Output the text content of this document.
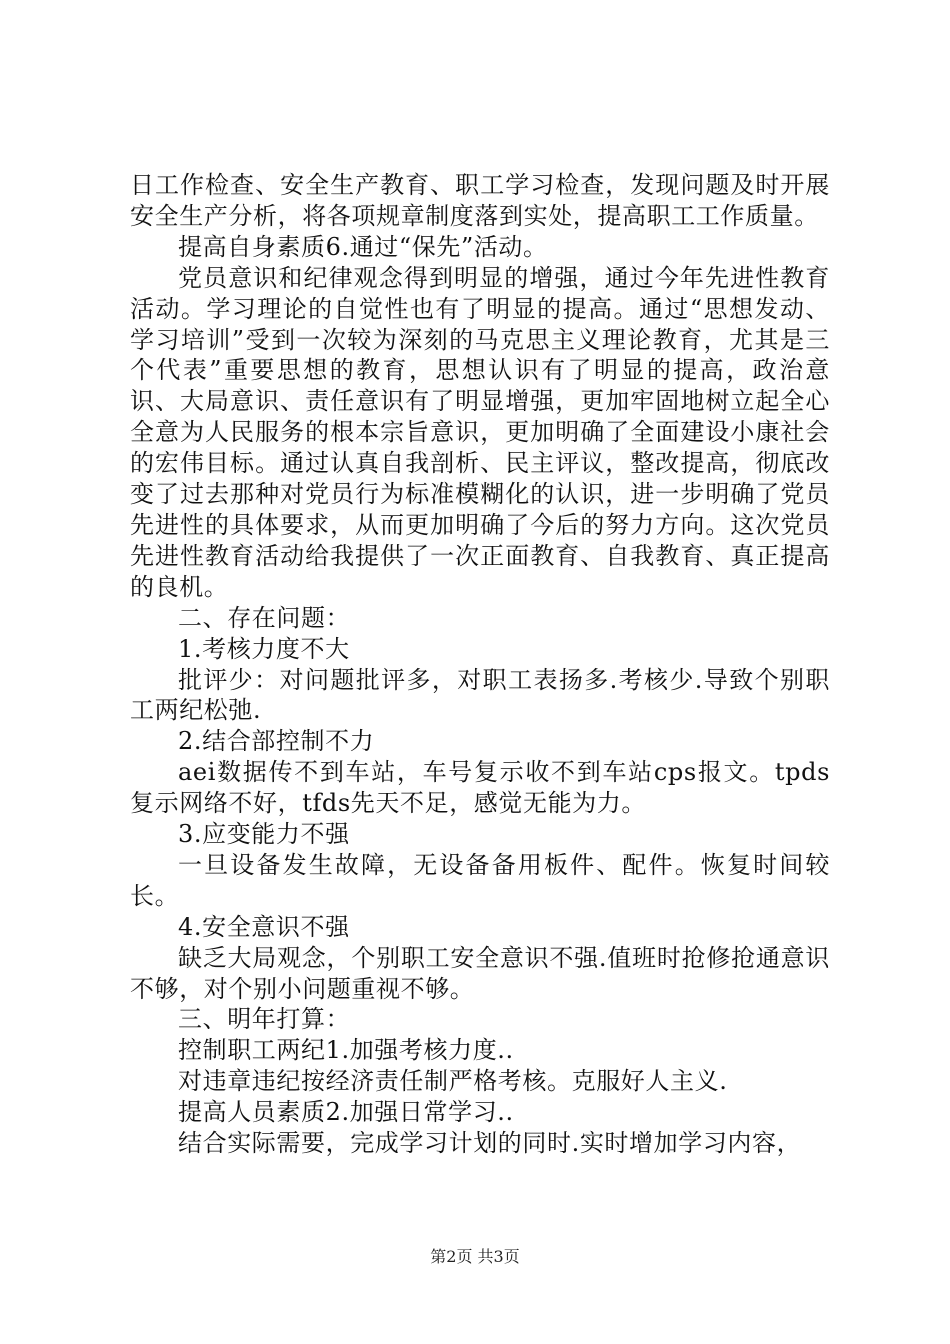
日工作检查、安全生产教育、职工学习检查，发现问题及时开展安全生产分析，将各项规章制度落到实处，提高职工工作质量。

提高自身素质6.通过“保先”活动。

党员意识和纪律观念得到明显的增强，通过今年先进性教育活动。学习理论的自觉性也有了明显的提高。通过“思想发动、学习培训”受到一次较为深刻的马克思主义理论教育，尤其是三个代表”重要思想的教育，思想认识有了明显的提高，政治意识、大局意识、责任意识有了明显增强，更加牢固地树立起全心全意为人民服务的根本宗旨意识，更加明确了全面建设小康社会的宏伟目标。通过认真自我剖析、民主评议，整改提高，彻底改变了过去那种对党员行为标准模糊化的认识，进一步明确了党员先进性的具体要求，从而更加明确了今后的努力方向。这次党员先进性教育活动给我提供了一次正面教育、自我教育、真正提高的良机。

二、存在问题：

1.考核力度不大

批评少：对问题批评多，对职工表扬多.考核少.导致个别职工两纪松弛.

2.结合部控制不力

aei数据传不到车站，车号复示收不到车站cps报文。tpds复示网络不好，tfds先天不足，感觉无能为力。

3.应变能力不强

一旦设备发生故障，无设备备用板件、配件。恢复时间较长。

4.安全意识不强

缺乏大局观念，个别职工安全意识不强.值班时抢修抢通意识不够，对个别小问题重视不够。

三、明年打算：

控制职工两纪1.加强考核力度..

对违章违纪按经济责任制严格考核。克服好人主义.

提高人员素质2.加强日常学习..

结合实际需要，完成学习计划的同时.实时增加学习内容，

第2页 共3页
